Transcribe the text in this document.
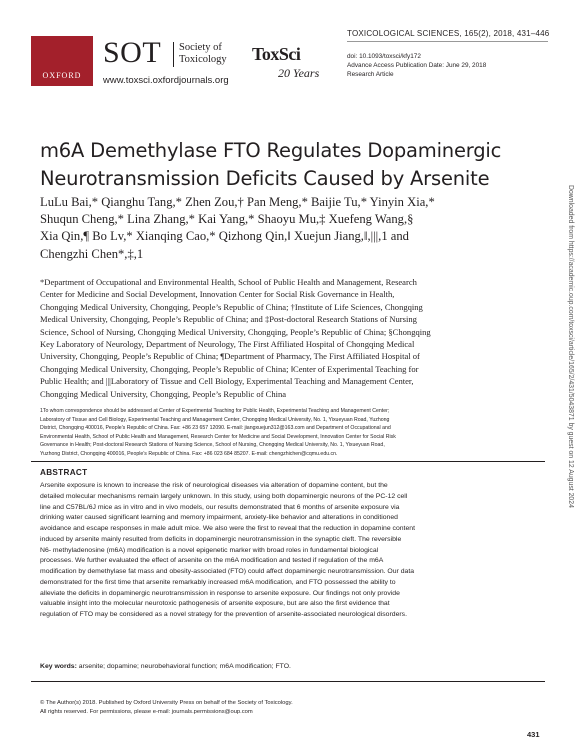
OXFORD
SOT Society of
Toxicology
www.toxsci.oxfordjournals.org
ToxSci
20 Years
TOXICOLOGICAL SCIENCES, 165(2), 2018, 431–446
doi: 10.1093/toxsci/kfy172
Advance Access Publication Date: June 29, 2018
Research Article
m6A Demethylase FTO Regulates Dopaminergic
Neurotransmission Deficits Caused by Arsenite
LuLu Bai,* Qianghu Tang,* Zhen Zou,† Pan Meng,* Baijie Tu,* Yinyin Xia,*
Shuqun Cheng,* Lina Zhang,* Kai Yang,* Shaoyu Mu,‡ Xuefeng Wang,§
Xia Qin,¶ Bo Lv,* Xianqing Cao,* Qizhong Qin,‖ Xuejun Jiang,‖,|||,1 and
Chengzhi Chen*,‡,1
*Department of Occupational and Environmental Health, School of Public Health and Management, Research
Center for Medicine and Social Development, Innovation Center for Social Risk Governance in Health,
Chongqing Medical University, Chongqing, People’s Republic of China; †Institute of Life Sciences, Chongqing
Medical University, Chongqing, People’s Republic of China; and ‡Post-doctoral Research Stations of Nursing
Science, School of Nursing, Chongqing Medical University, Chongqing, People’s Republic of China; §Chongqing
Key Laboratory of Neurology, Department of Neurology, The First Affiliated Hospital of Chongqing Medical
University, Chongqing, People’s Republic of China; ¶Department of Pharmacy, The First Affiliated Hospital of
Chongqing Medical University, Chongqing, People’s Republic of China; ‖Center of Experimental Teaching for
Public Health; and |||Laboratory of Tissue and Cell Biology, Experimental Teaching and Management Center,
Chongqing Medical University, Chongqing, People’s Republic of China
1To whom correspondence should be addressed at Center of Experimental Teaching for Public Health, Experimental Teaching and Management Center;
Laboratory of Tissue and Cell Biology, Experimental Teaching and Management Center, Chongqing Medical University, No. 1, Yixueyuan Road, Yuzhong
District, Chongqing 400016, People’s Republic of China. Fax: +86 23 657 12090. E-mail: jiangxuejun312@163.com and Department of Occupational and
Environmental Health, School of Public Health and Management, Research Center for Medicine and Social Development, Innovation Center for Social Risk
Governance in Health; Post-doctoral Research Stations of Nursing Science, School of Nursing, Chongqing Medical University, No. 1, Yixueyuan Road,
Yuzhong District, Chongqing 400016, People’s Republic of China. Fax: +86 023 684 85207. E-mail: chengzhichen@cqmu.edu.cn.
ABSTRACT
Arsenite exposure is known to increase the risk of neurological diseases via alteration of dopamine content, but the
detailed molecular mechanisms remain largely unknown. In this study, using both dopaminergic neurons of the PC-12 cell
line and C57BL/6J mice as in vitro and in vivo models, our results demonstrated that 6 months of arsenite exposure via
drinking water caused significant learning and memory impairment, anxiety-like behavior and alterations in conditioned
avoidance and escape responses in male adult mice. We also were the first to reveal that the reduction in dopamine content
induced by arsenite mainly resulted from deficits in dopaminergic neurotransmission in the synaptic cleft. The reversible
N6- methyladenosine (m6A) modification is a novel epigenetic marker with broad roles in fundamental biological
processes. We further evaluated the effect of arsenite on the m6A modification and tested if regulation of the m6A
modification by demethylase fat mass and obesity-associated (FTO) could affect dopaminergic neurotransmission. Our data
demonstrated for the first time that arsenite remarkably increased m6A modification, and FTO possessed the ability to
alleviate the deficits in dopaminergic neurotransmission in response to arsenite exposure. Our findings not only provide
valuable insight into the molecular neurotoxic pathogenesis of arsenite exposure, but are also the first evidence that
regulation of FTO may be considered as a novel strategy for the prevention of arsenite-associated neurological disorders.
Key words: arsenite; dopamine; neurobehavioral function; m6A modification; FTO.
© The Author(s) 2018. Published by Oxford University Press on behalf of the Society of Toxicology.
All rights reserved. For permissions, please e-mail: journals.permissions@oup.com
431
Downloaded from https://academic.oup.com/toxsci/article/165/2/431/5043871 by guest on 12 August 2024
